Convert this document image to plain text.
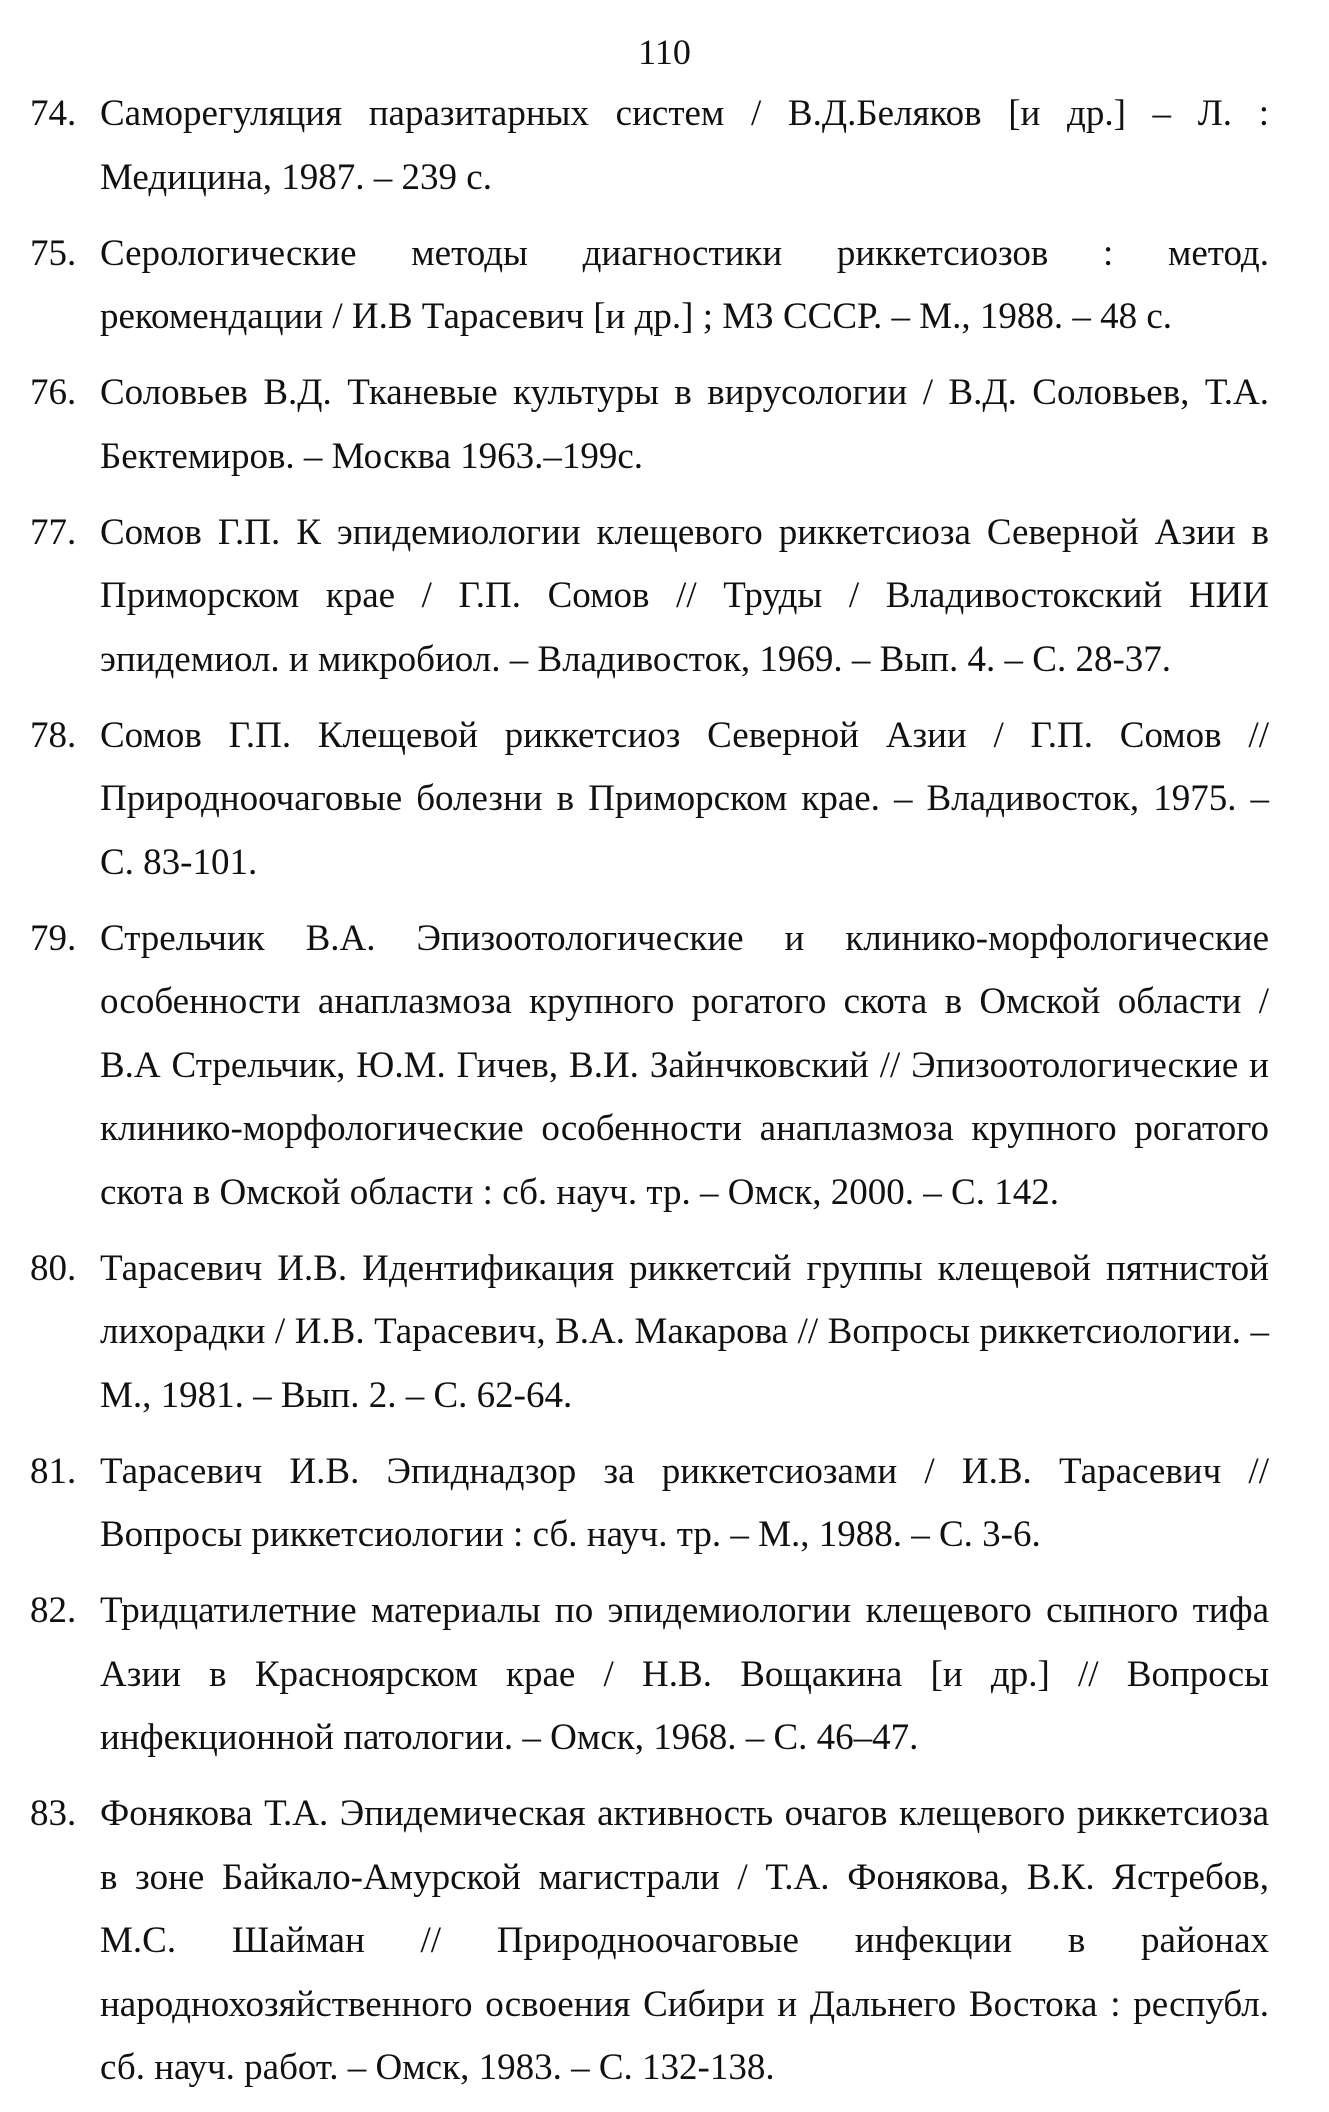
110
74. Саморегуляция паразитарных систем / В.Д.Беляков [и др.] – Л. : Медицина, 1987. – 239 с.
75. Серологические методы диагностики риккетсиозов : метод. рекомендации / И.В Тарасевич [и др.] ; МЗ СССР. – М., 1988. – 48 с.
76. Соловьев В.Д. Тканевые культуры в вирусологии / В.Д. Соловьев, Т.А. Бектемиров. – Москва 1963.–199с.
77. Сомов Г.П. К эпидемиологии клещевого риккетсиоза Северной Азии в Приморском крае / Г.П. Сомов // Труды / Владивостокский НИИ эпидемиол. и микробиол. – Владивосток, 1969. – Вып. 4. – С. 28-37.
78. Сомов Г.П. Клещевой риккетсиоз Северной Азии / Г.П. Сомов // Природноочаговые болезни в Приморском крае. – Владивосток, 1975. – С. 83-101.
79. Стрельчик В.А. Эпизоотологические и клинико-морфологические особенности анаплазмоза крупного рогатого скота в Омской области / В.А Стрельчик, Ю.М. Гичев, В.И. Зайнчковский // Эпизоотологические и клинико-морфологические особенности анаплазмоза крупного рогатого скота в Омской области : сб. науч. тр. – Омск, 2000. – С. 142.
80. Тарасевич И.В. Идентификация риккетсий группы клещевой пятнистой лихорадки / И.В. Тарасевич, В.А. Макарова // Вопросы риккетсиологии. – М., 1981. – Вып. 2. – С. 62-64.
81. Тарасевич И.В. Эпиднадзор за риккетсиозами / И.В. Тарасевич // Вопросы риккетсиологии : сб. науч. тр. – М., 1988. – С. 3-6.
82. Тридцатилетние материалы по эпидемиологии клещевого сыпного тифа Азии в Красноярском крае / Н.В. Вощакина [и др.] // Вопросы инфекционной патологии. – Омск, 1968. – С. 46–47.
83. Фонякова Т.А. Эпидемическая активность очагов клещевого риккетсиоза в зоне Байкало-Амурской магистрали / Т.А. Фонякова, В.К. Ястребов, М.С. Шайман // Природноочаговые инфекции в районах народнохозяйственного освоения Сибири и Дальнего Востока : республ. сб. науч. работ. – Омск, 1983. – С. 132-138.
